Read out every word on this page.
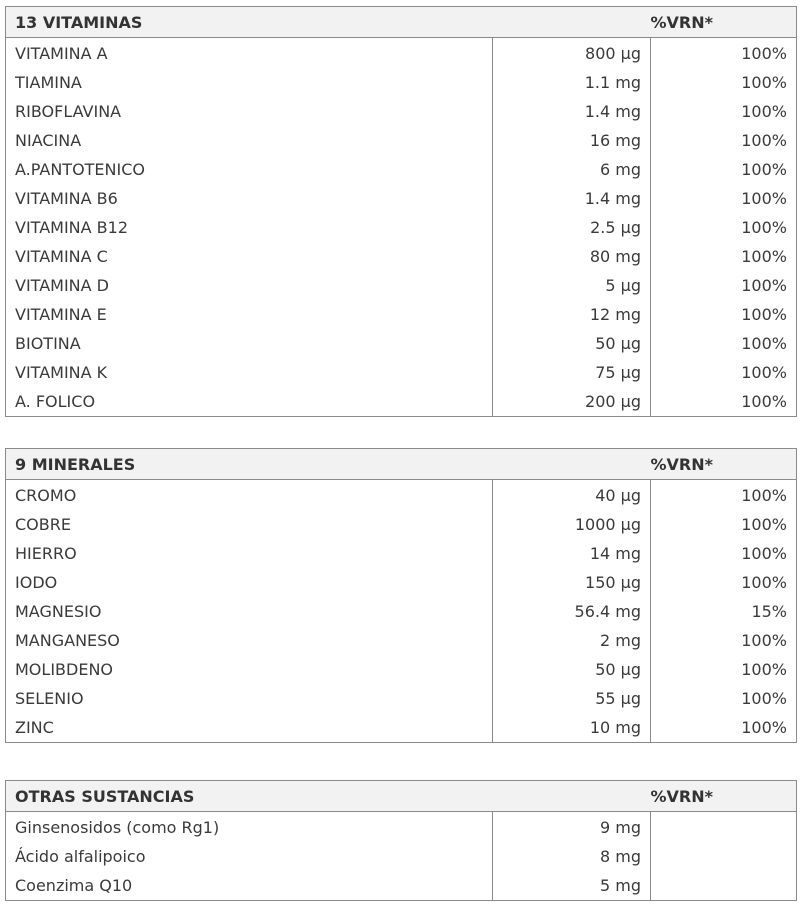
13 VITAMINAS		%VRN*
VITAMINA A	800 µg	100%
TIAMINA	1.1 mg	100%
RIBOFLAVINA	1.4 mg	100%
NIACINA	16 mg	100%
A.PANTOTENICO	6 mg	100%
VITAMINA B6	1.4 mg	100%
VITAMINA B12	2.5 µg	100%
VITAMINA C	80 mg	100%
VITAMINA D	5 µg	100%
VITAMINA E	12 mg	100%
BIOTINA	50 µg	100%
VITAMINA K	75 µg	100%
A. FOLICO	200 µg	100%
9 MINERALES		%VRN*
CROMO	40 µg	100%
COBRE	1000 µg	100%
HIERRO	14 mg	100%
IODO	150 µg	100%
MAGNESIO	56.4 mg	15%
MANGANESO	2 mg	100%
MOLIBDENO	50 µg	100%
SELENIO	55 µg	100%
ZINC	10 mg	100%
OTRAS SUSTANCIAS		%VRN*
Ginsenosidos (como Rg1)	9 mg	
Ácido alfalipoico	8 mg	
Coenzima Q10	5 mg	
